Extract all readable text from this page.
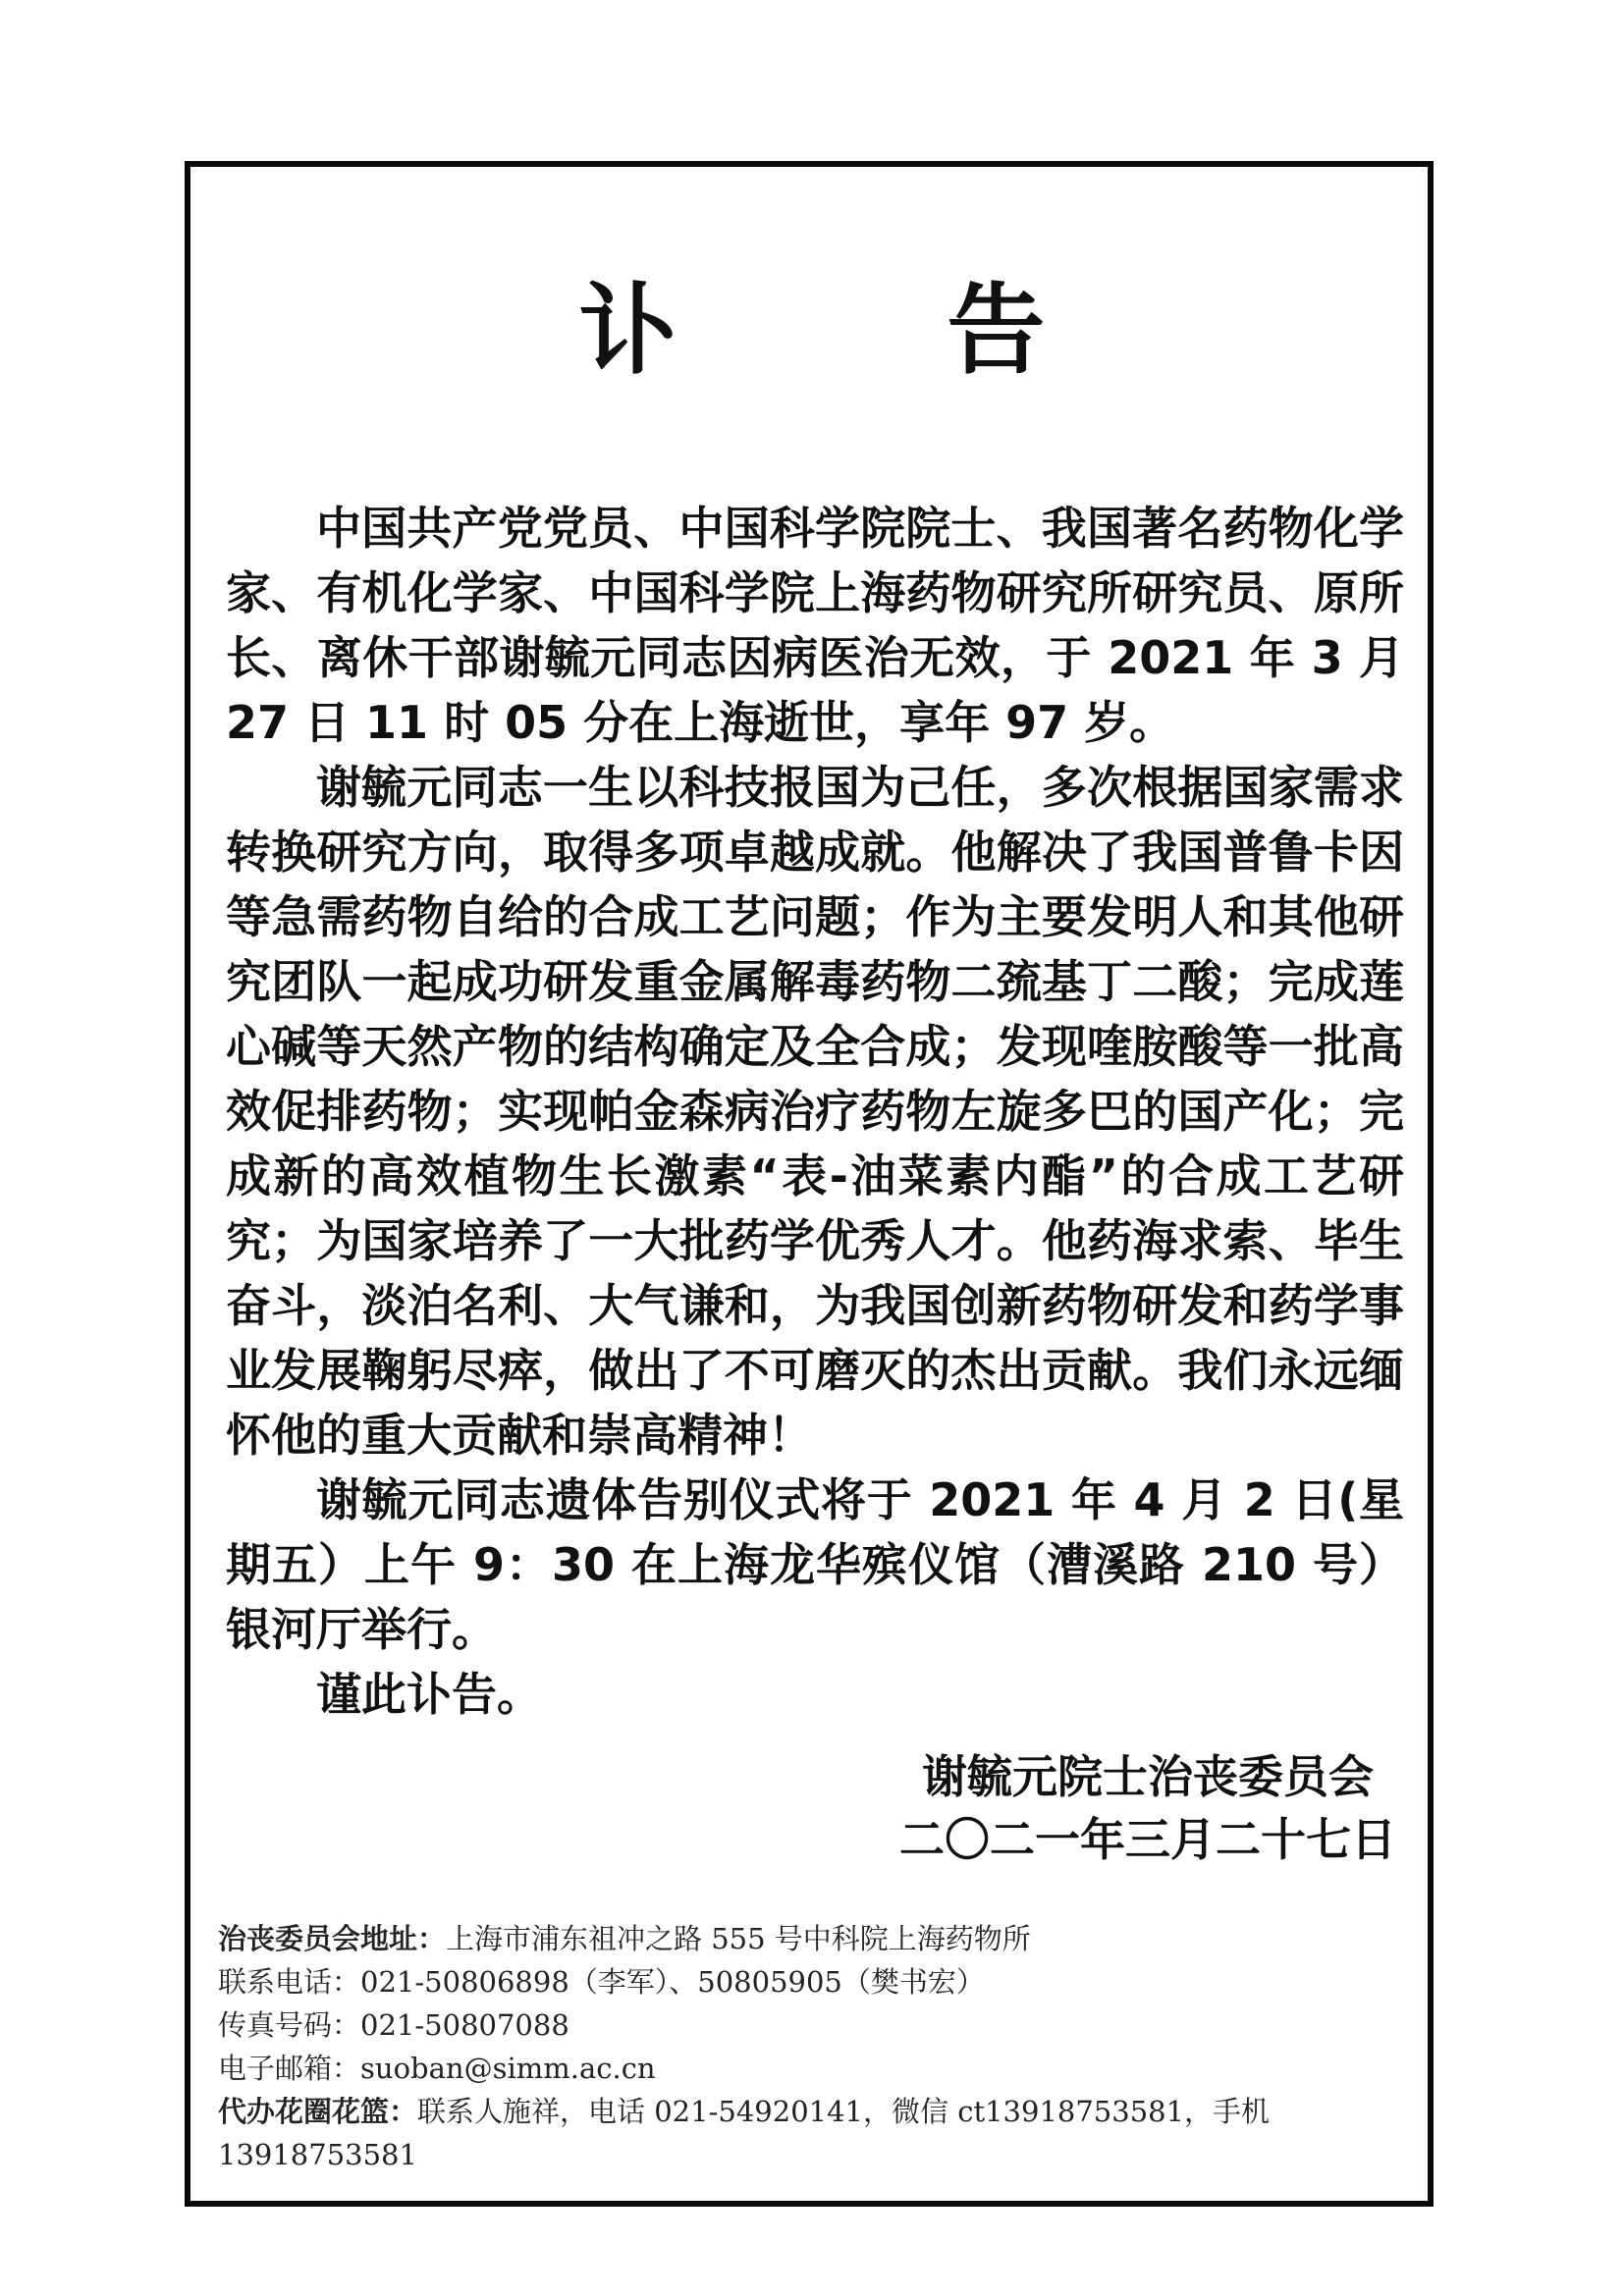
讣 告

中国共产党党员、中国科学院院士、我国著名药物化学家、有机化学家、中国科学院上海药物研究所研究员、原所长、离休干部谢毓元同志因病医治无效，于 2021 年 3 月 27 日 11 时 05 分在上海逝世，享年 97 岁。

谢毓元同志一生以科技报国为己任，多次根据国家需求转换研究方向，取得多项卓越成就。他解决了我国普鲁卡因等急需药物自给的合成工艺问题；作为主要发明人和其他研究团队一起成功研发重金属解毒药物二巯基丁二酸；完成莲心碱等天然产物的结构确定及全合成；发现喹胺酸等一批高效促排药物；实现帕金森病治疗药物左旋多巴的国产化；完成新的高效植物生长激素“表-油菜素内酯”的合成工艺研究；为国家培养了一大批药学优秀人才。他药海求索、毕生奋斗，淡泊名利、大气谦和，为我国创新药物研发和药学事业发展鞠躬尽瘁，做出了不可磨灭的杰出贡献。我们永远缅怀他的重大贡献和崇高精神！

谢毓元同志遗体告别仪式将于 2021 年 4 月 2 日(星期五）上午 9：30 在上海龙华殡仪馆（漕溪路 210 号）银河厅举行。

谨此讣告。

谢毓元院士治丧委员会
二〇二一年三月二十七日
治丧委员会地址：上海市浦东祖冲之路 555 号中科院上海药物所
联系电话：021-50806898（李军）、50805905（樊书宏）
传真号码：021-50807088
电子邮箱：suoban@simm.ac.cn
代办花圈花篮：联系人施祥，电话 021-54920141，微信 ct13918753581，手机
13918753581
